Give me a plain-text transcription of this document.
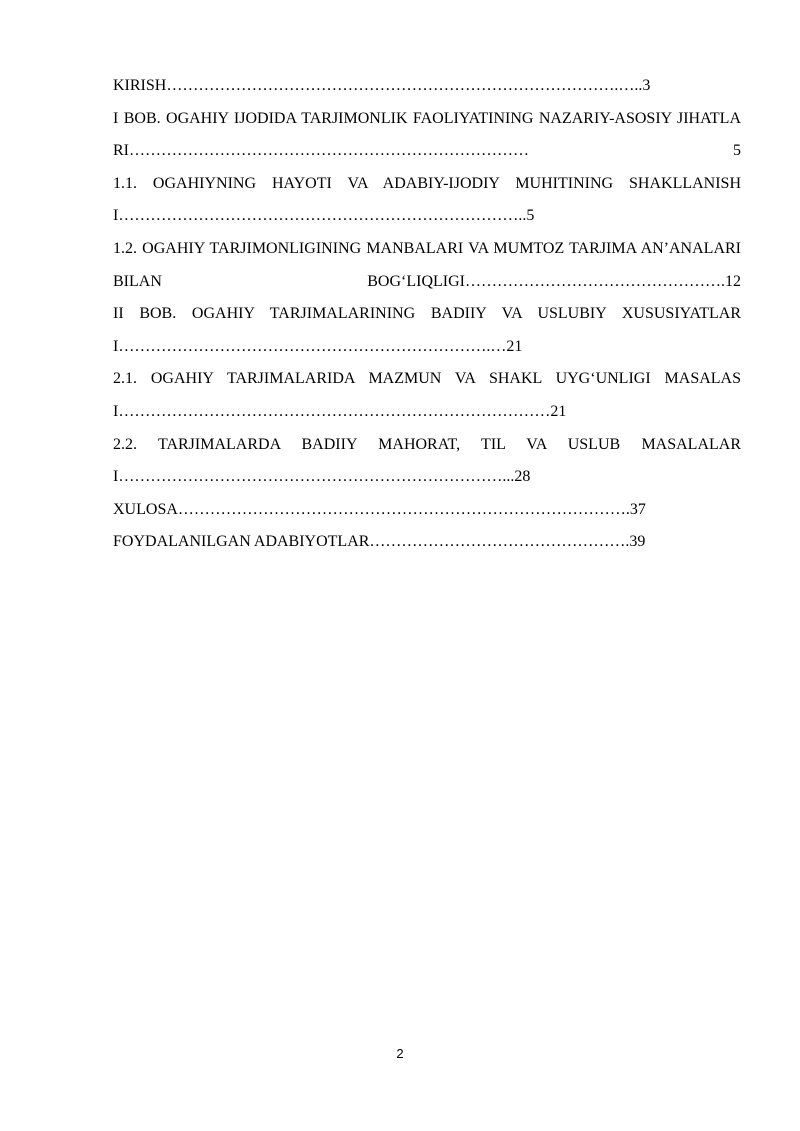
KIRISH………………………………………………………………………….…..3

I BOB. OGAHIY IJODIDA TARJIMONLIK FAOLIYATINING NAZARIY-ASOSIY JIHATLARI………………………………………………………………… 5

1.1. OGAHIYNING HAYOTI VA ADABIY-IJODIY MUHITINING SHAKLLANISHI…………………………………………………………………..5

1.2. OGAHIY TARJIMONLIGINING MANBALARI VA MUMTOZ TARJIMA AN’ANALARI BILAN BOG‘LIQLIGI………………………………………….12

II BOB. OGAHIY TARJIMALARINING BADIIY VA USLUBIY XUSUSIYATLARI…………………………………………………………….…21

2.1. OGAHIY TARJIMALARIDA MAZMUN VA SHAKL UYG‘UNLIGI MASALASI………………………………………………………………………21

2.2. TARJIMALARDA BADIIY MAHORAT, TIL VA USLUB MASALALARI………………………………………………………………...28

XULOSA………………………………………………………………………….37

FOYDALANILGAN ADABIYOTLAR………………………………………….39

2
